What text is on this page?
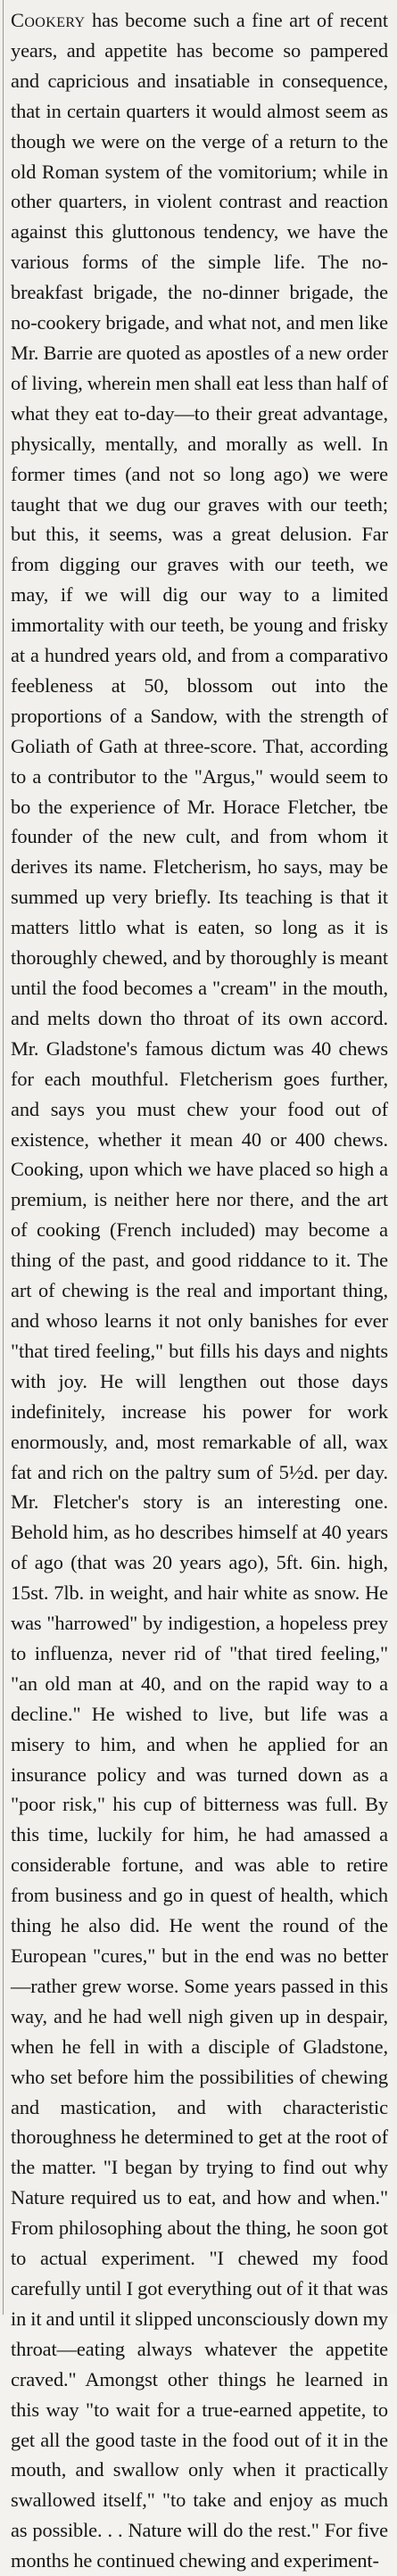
Cookery has become such a fine art of recent years, and appetite has become so pampered and capricious and insatiable in consequence, that in certain quarters it would almost seem as though we were on the verge of a return to the old Roman system of the vomitorium; while in other quarters, in violent contrast and reaction against this gluttonous tendency, we have the various forms of the simple life. The no-breakfast brigade, the no-dinner brigade, the no-cookery brigade, and what not, and men like Mr. Barrie are quoted as apostles of a new order of living, wherein men shall eat less than half of what they eat to-day—to their great advantage, physically, mentally, and morally as well. In former times (and not so long ago) we were taught that we dug our graves with our teeth; but this, it seems, was a great delusion. Far from digging our graves with our teeth, we may, if we will dig our way to a limited immortality with our teeth, be young and frisky at a hundred years old, and from a comparativo feebleness at 50, blossom out into the proportions of a Sandow, with the strength of Goliath of Gath at three-score. That, according to a contributor to the "Argus," would seem to bo the experience of Mr. Horace Fletcher, tbe founder of the new cult, and from whom it derives its name. Fletcherism, ho says, may be summed up very briefly. Its teaching is that it matters littlo what is eaten, so long as it is thoroughly chewed, and by thoroughly is meant until the food becomes a "cream" in the mouth, and melts down tho throat of its own accord. Mr. Gladstone's famous dictum was 40 chews for each mouthful. Fletcherism goes further, and says you must chew your food out of existence, whether it mean 40 or 400 chews. Cooking, upon which we have placed so high a premium, is neither here nor there, and the art of cooking (French included) may become a thing of the past, and good riddance to it. The art of chewing is the real and important thing, and whoso learns it not only banishes for ever "that tired feeling," but fills his days and nights with joy. He will lengthen out those days indefinitely, increase his power for work enormously, and, most remarkable of all, wax fat and rich on the paltry sum of 5½d. per day. Mr. Fletcher's story is an interesting one. Behold him, as ho describes himself at 40 years of ago (that was 20 years ago), 5ft. 6in. high, 15st. 7lb. in weight, and hair white as snow. He was "harrowed" by indigestion, a hopeless prey to influenza, never rid of "that tired feeling," "an old man at 40, and on the rapid way to a decline." He wished to live, but life was a misery to him, and when he applied for an insurance policy and was turned down as a "poor risk," his cup of bitterness was full. By this time, luckily for him, he had amassed a considerable fortune, and was able to retire from business and go in quest of health, which thing he also did. He went the round of the European "cures," but in the end was no better—rather grew worse. Some years passed in this way, and he had well nigh given up in despair, when he fell in with a disciple of Gladstone, who set before him the possibilities of chewing and mastication, and with characteristic thoroughness he determined to get at the root of the matter. "I began by trying to find out why Nature required us to eat, and how and when." From philosophing about the thing, he soon got to actual experiment. "I chewed my food carefully until I got everything out of it that was in it and until it slipped unconsciously down my throat—eating always whatever the appetite craved." Amongst other things he learned in this way "to wait for a true-earned appetite, to get all the good taste in the food out of it in the mouth, and swallow only when it practically swallowed itself," "to take and enjoy as much as possible. . . Nature will do the rest." For five months he continued chewing and experiment-
